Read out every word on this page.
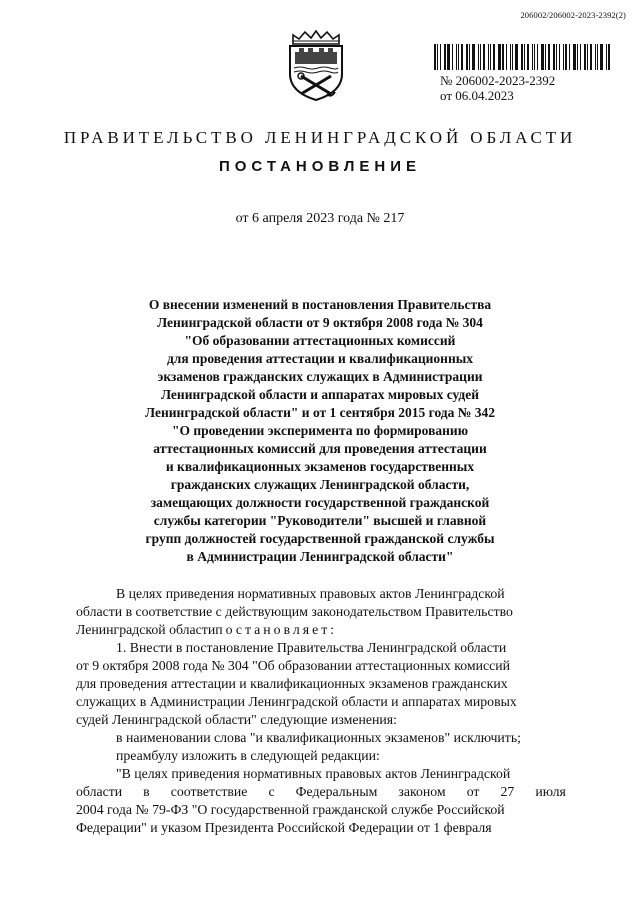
206002/206002-2023-2392(2)
№ 206002-2023-2392
от 06.04.2023
ПРАВИТЕЛЬСТВО ЛЕНИНГРАДСКОЙ ОБЛАСТИ
ПОСТАНОВЛЕНИЕ
от 6 апреля 2023 года № 217
О внесении изменений в постановления Правительства
Ленинградской области от 9 октября 2008 года № 304
"Об образовании аттестационных комиссий
для проведения аттестации и квалификационных
экзаменов гражданских служащих в Администрации
Ленинградской области и аппаратах мировых судей
Ленинградской области" и от 1 сентября 2015 года № 342
"О проведении эксперимента по формированию
аттестационных комиссий для проведения аттестации
и квалификационных экзаменов государственных
гражданских служащих Ленинградской области,
замещающих должности государственной гражданской
службы категории "Руководители" высшей и главной
групп должностей государственной гражданской службы
в Администрации Ленинградской области"
В целях приведения нормативных правовых актов Ленинградской
области в соответствие с действующим законодательством Правительство
Ленинградской области постановляет:
1. Внести в постановление Правительства Ленинградской области
от 9 октября 2008 года № 304 "Об образовании аттестационных комиссий
для проведения аттестации и квалификационных экзаменов гражданских
служащих в Администрации Ленинградской области и аппаратах мировых
судей Ленинградской области" следующие изменения:
в наименовании слова "и квалификационных экзаменов" исключить;
преамбулу изложить в следующей редакции:
"В целях приведения нормативных правовых актов Ленинградской
области в соответствие с Федеральным законом от 27 июля
2004 года № 79-ФЗ "О государственной гражданской службе Российской
Федерации" и указом Президента Российской Федерации от 1 февраля
